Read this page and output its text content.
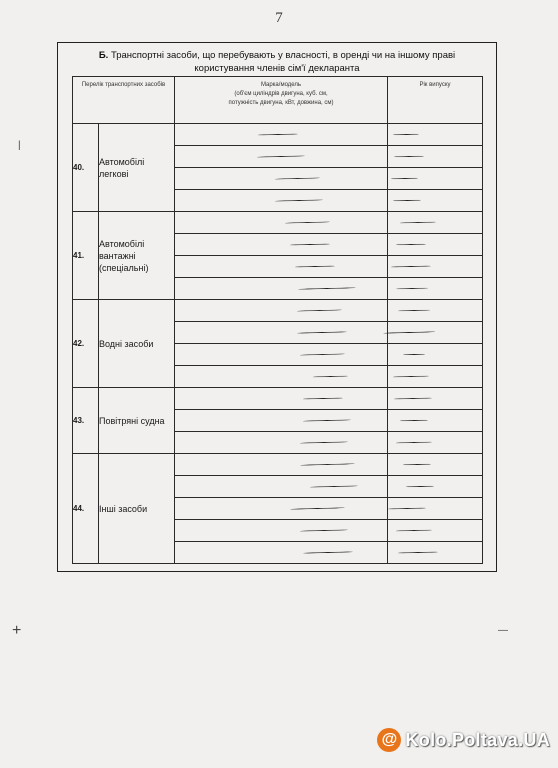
7
Б. Транспортні засоби, що перебувають у власності, в оренді чи на іншому праві
користування членів сім'ї декларанта
Перелік транспортних засобів		Марка/модель
(об'єм циліндрів двигуна, куб. см,
потужність двигуна, кВт, довжина, см)	Рік випуску
40.	Автомобілі легкові	

41.	Автомобілі вантажні
(спеціальні)	

42.	Водні засоби	

43.	Повітряні судна	

44.	Інші засоби	

|
+	—
@ Kolo.Poltava.UA
